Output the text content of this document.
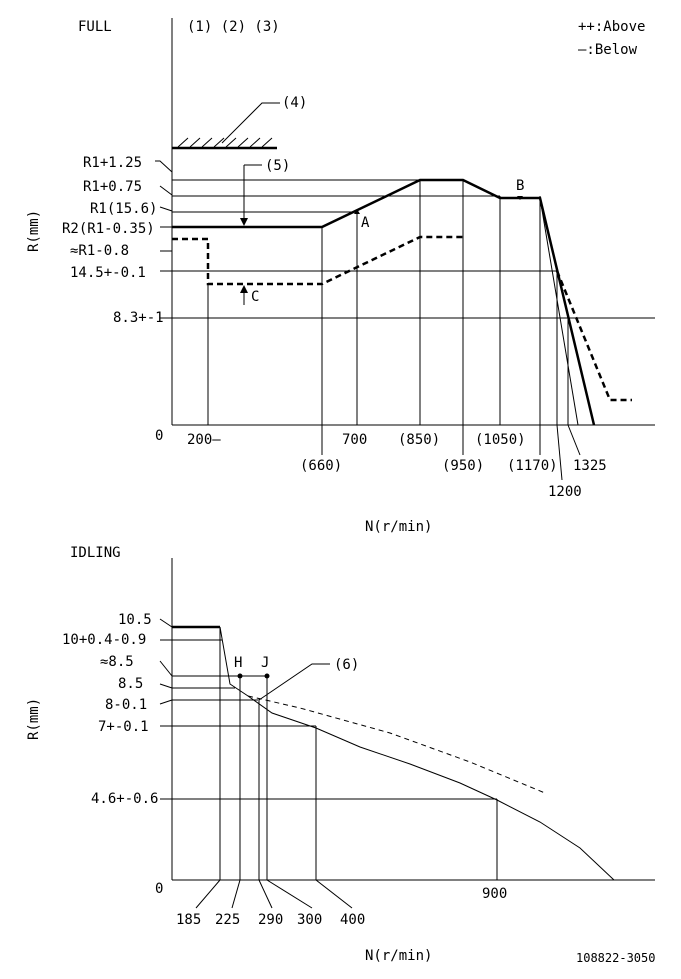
FULL	(1) (2) (3)	++:Above
—:Below
0
R(mm)
N(r/min)
(4)
R1+1.25
R1+0.75
R1(15.6)
R2(R1-0.35)
≈R1-0.8
14.5+-0.1
8.3+-1
(5)
C
A
B
200—
(660)
700 (850)
(950)
(1050)
(1170)
1200
1325
IDLING
0
R(mm)
N(r/min)
10.5
10+0.4-0.9
≈8.5
8.5
8-0.1
7+-0.1
4.6+-0.6
H J	(6)
185 225 290 300 400
900
108822-3050
